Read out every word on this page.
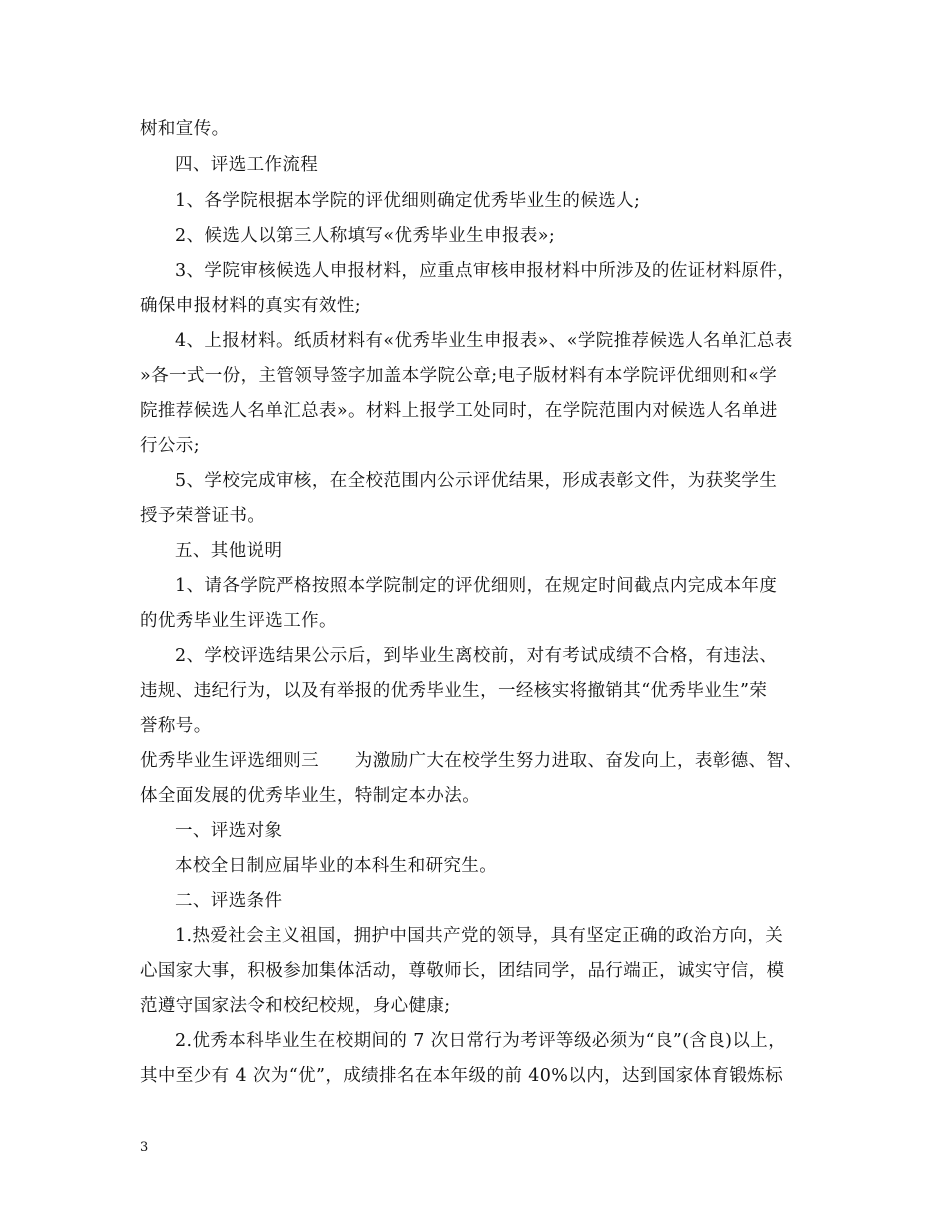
树和宣传。
四、评选工作流程
1、各学院根据本学院的评优细则确定优秀毕业生的候选人;
2、候选人以第三人称填写«优秀毕业生申报表»;
3、学院审核候选人申报材料，应重点审核申报材料中所涉及的佐证材料原件，
确保申报材料的真实有效性;
4、上报材料。纸质材料有«优秀毕业生申报表»、«学院推荐候选人名单汇总表
»各一式一份，主管领导签字加盖本学院公章;电子版材料有本学院评优细则和«学
院推荐候选人名单汇总表»。材料上报学工处同时，在学院范围内对候选人名单进
行公示;
5、学校完成审核，在全校范围内公示评优结果，形成表彰文件，为获奖学生
授予荣誉证书。
五、其他说明
1、请各学院严格按照本学院制定的评优细则，在规定时间截点内完成本年度
的优秀毕业生评选工作。
2、学校评选结果公示后，到毕业生离校前，对有考试成绩不合格，有违法、
违规、违纪行为，以及有举报的优秀毕业生，一经核实将撤销其“优秀毕业生”荣
誉称号。
优秀毕业生评选细则三　　为激励广大在校学生努力进取、奋发向上，表彰德、智、
体全面发展的优秀毕业生，特制定本办法。
一、评选对象
本校全日制应届毕业的本科生和研究生。
二、评选条件
1.热爱社会主义祖国，拥护中国共产党的领导，具有坚定正确的政治方向，关
心国家大事，积极参加集体活动，尊敬师长，团结同学，品行端正，诚实守信，模
范遵守国家法令和校纪校规，身心健康;
2.优秀本科毕业生在校期间的 7 次日常行为考评等级必须为“良”(含良)以上，
其中至少有 4 次为“优”，成绩排名在本年级的前 40%以内，达到国家体育锻炼标
3
